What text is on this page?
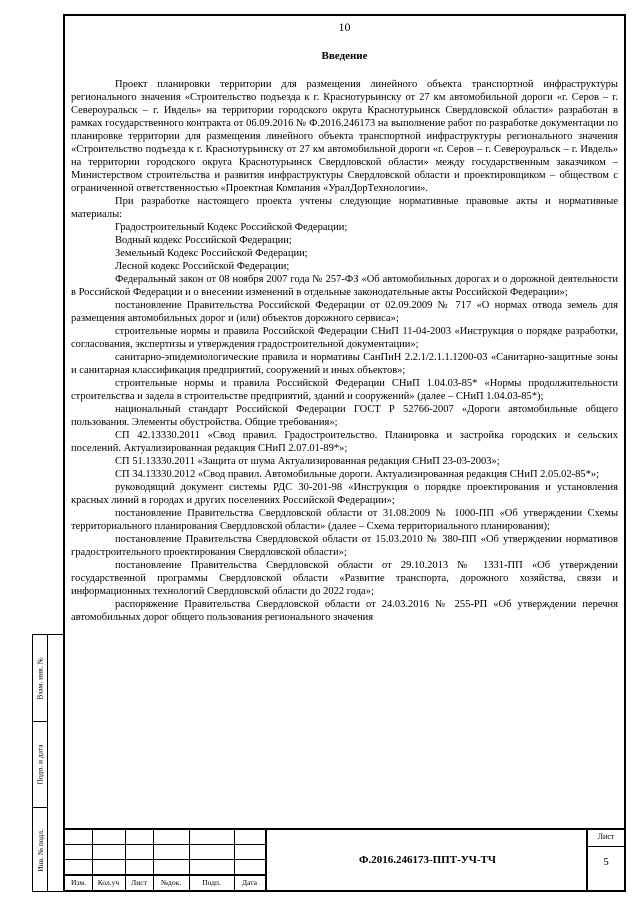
10
Введение

Проект планировки территории для размещения линейного объекта транспортной инфраструктуры регионального значения «Строительство подъезда к г. Краснотурьинску от 27 км автомобильной дороги «г. Серов – г. Североуральск – г. Ивдель» на территории городского округа Краснотурьинск Свердловской области» разработан в рамках государственного контракта от 06.09.2016 № Ф.2016.246173 на выполнение работ по разработке документации по планировке территории для размещения линейного объекта транспортной инфраструктуры регионального значения «Строительство подъезда к г. Краснотурьинску от 27 км автомобильной дороги «г. Серов – г. Североуральск – г. Ивдель» на территории городского округа Краснотурьинск Свердловской области» между государственным заказчиком – Министерством строительства и развития инфраструктуры Свердловской области и проектировщиком – обществом с ограниченной ответственностью «Проектная Компания «УралДорТехнологии».

При разработке настоящего проекта учтены следующие нормативные правовые акты и нормативные материалы:

Градостроительный Кодекс Российской Федерации;

Водный кодекс Российской Федерации;

Земельный Кодекс Российской Федерации;

Лесной кодекс Российской Федерации;

Федеральный закон от 08 ноября 2007 года № 257-ФЗ «Об автомобильных дорогах и о дорожной деятельности в Российской Федерации и о внесении изменений в отдельные законодательные акты Российской Федерации»;

постановление Правительства Российской Федерации от 02.09.2009 № 717 «О нормах отвода земель для размещения автомобильных дорог и (или) объектов дорожного сервиса»;

строительные нормы и правила Российской Федерации СНиП 11-04-2003 «Инструкция о порядке разработки, согласования, экспертизы и утверждения градостроительной документации»;

санитарно-эпидемиологические правила и нормативы СанПиН 2.2.1/2.1.1.1200-03 «Санитарно-защитные зоны и санитарная классификация предприятий, сооружений и иных объектов»;

строительные нормы и правила Российской Федерации СНиП 1.04.03-85* «Нормы продолжительности строительства и задела в строительстве предприятий, зданий и сооружений» (далее – СНиП 1.04.03-85*);

национальный стандарт Российской Федерации ГОСТ Р 52766-2007 «Дороги автомобильные общего пользования. Элементы обустройства. Общие требования»;

СП 42.13330.2011 «Свод правил. Градостроительство. Планировка и застройка городских и сельских поселений. Актуализированная редакция СНиП 2.07.01-89*»;

СП 51.13330.2011 «Защита от шума Актуализированная редакция СНиП 23-03-2003»;

СП 34.13330.2012 «Свод правил. Автомобильные дороги. Актуализированная редакция СНиП 2.05.02-85*»;

руководящий документ системы РДС 30-201-98 «Инструкция о порядке проектирования и установления красных линий в городах и других поселениях Российской Федерации»;

постановление Правительства Свердловской области от 31.08.2009 № 1000-ПП «Об утверждении Схемы территориального планирования Свердловской области» (далее – Схема территориального планирования);

постановление Правительства Свердловской области от 15.03.2010 № 380-ПП «Об утверждении нормативов градостроительного проектирования Свердловской области»;

постановление Правительства Свердловской области от 29.10.2013 № 1331-ПП «Об утверждении государственной программы Свердловской области «Развитие транспорта, дорожного хозяйства, связи и информационных технологий Свердловской области до 2022 года»;

распоряжение Правительства Свердловской области от 24.03.2016 № 255-РП «Об утверждении перечня автомобильных дорог общего пользования регионального значения

Изм.	Кол.уч	Лист	№док.	Подп.	Дата
Ф.2016.246173-ППТ-УЧ-ТЧ
Лист
5
Взам. инв. №
Подп. и дата
Инв. № подл.
